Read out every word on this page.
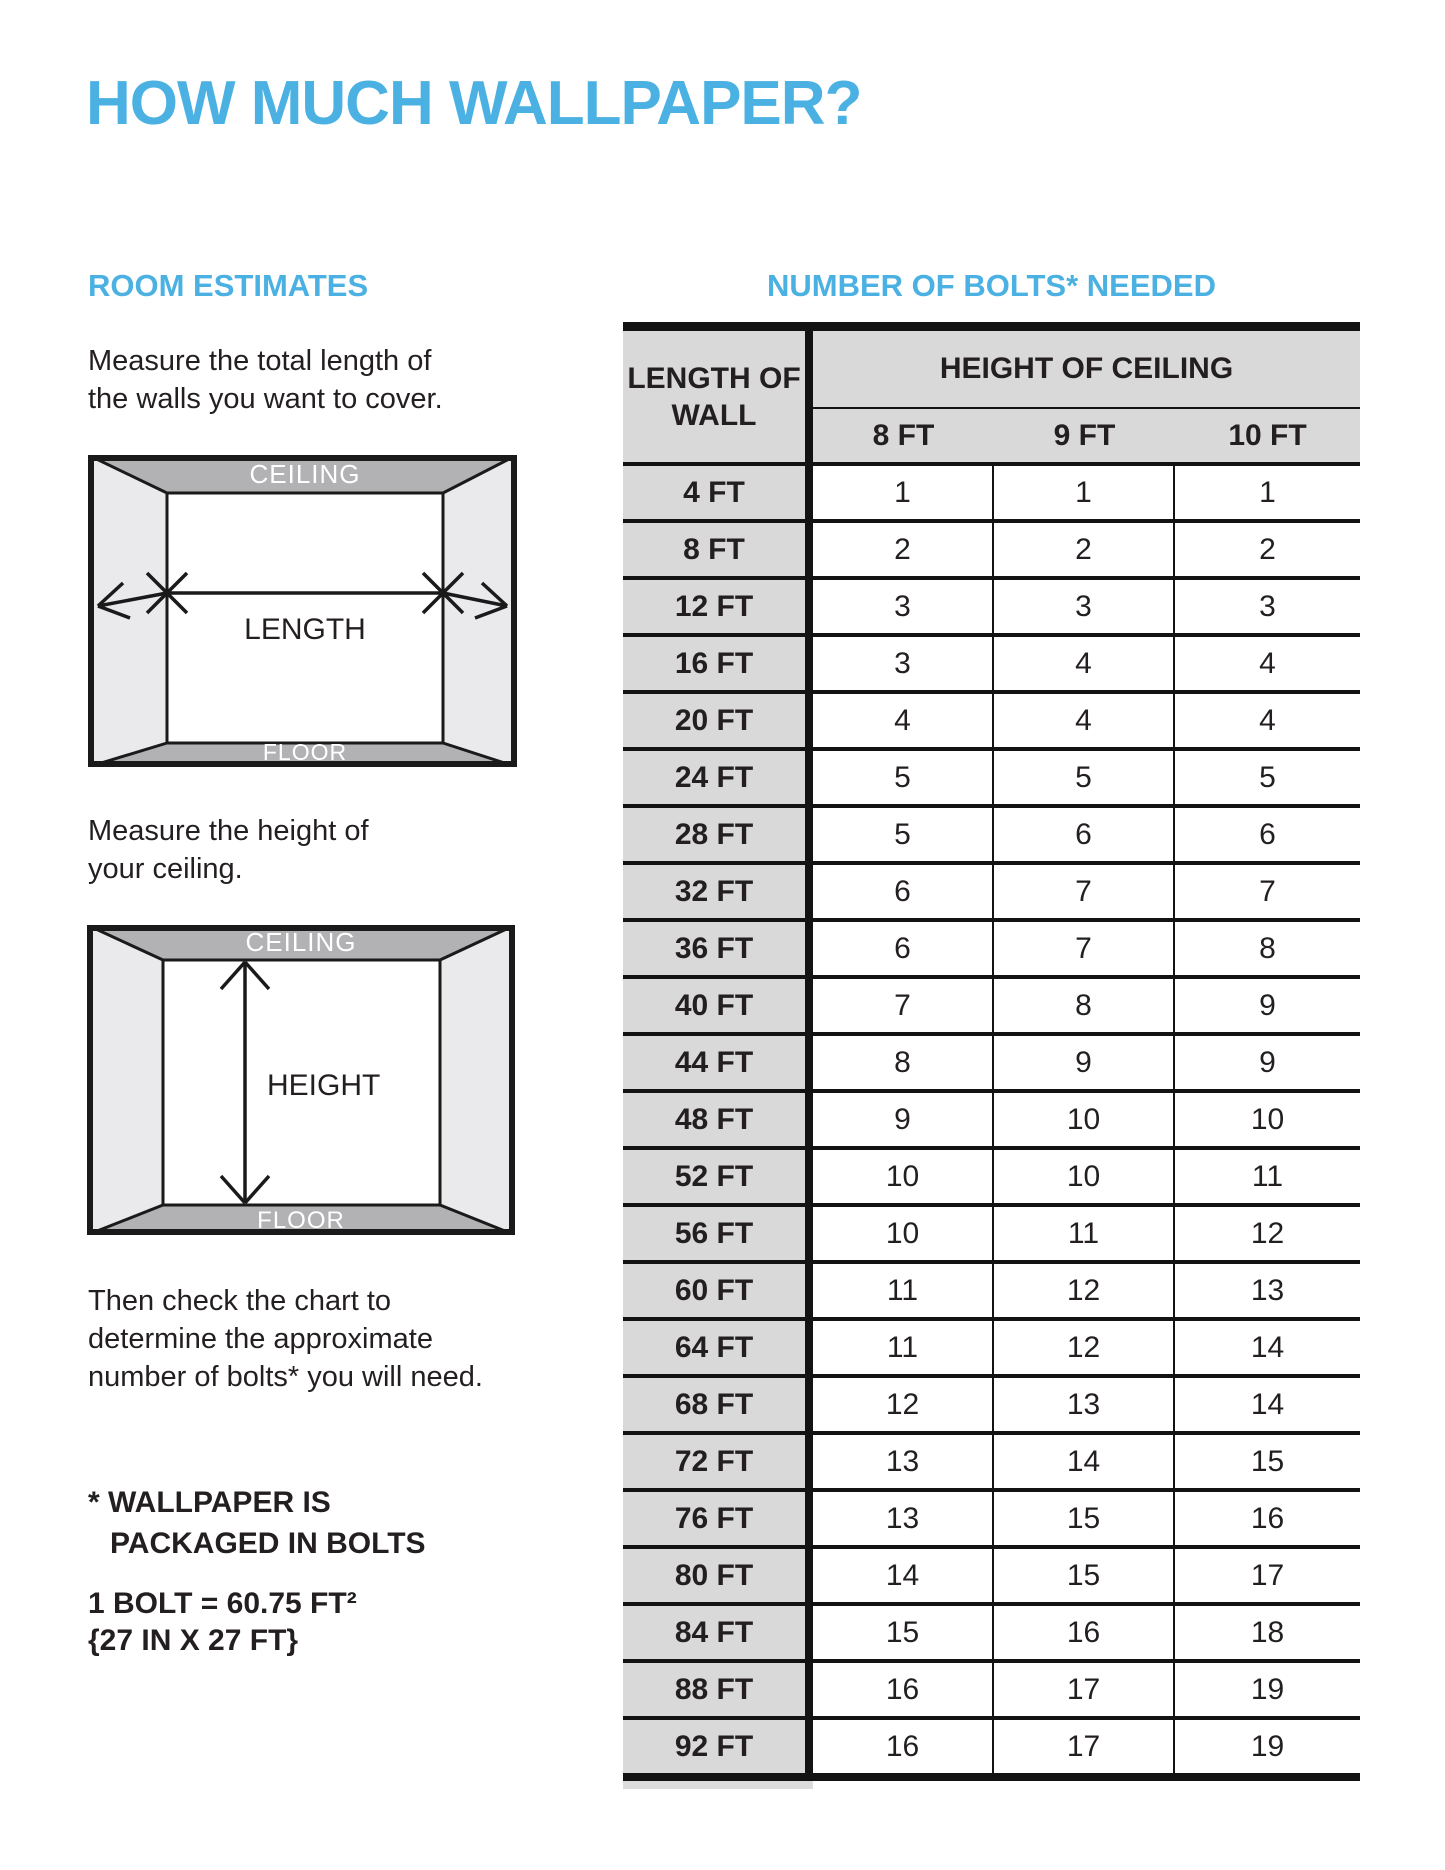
HOW MUCH WALLPAPER?
ROOM ESTIMATES	NUMBER OF BOLTS* NEEDED
Measure the total length of
the walls you want to cover.
CEILING
FLOOR
LENGTH
Measure the height of
your ceiling.
CEILING
FLOOR
HEIGHT
Then check the chart to
determine the approximate
number of bolts* you will need.
* WALLPAPER IS
PACKAGED IN BOLTS
1 BOLT = 60.75 FT²
{27 IN X 27 FT}
LENGTH OF WALL
HEIGHT OF CEILING
8 FT	9 FT	10 FT
4 FT	1	1	1
8 FT	2	2	2
12 FT	3	3	3
16 FT	3	4	4
20 FT	4	4	4
24 FT	5	5	5
28 FT	5	6	6
32 FT	6	7	7
36 FT	6	7	8
40 FT	7	8	9
44 FT	8	9	9
48 FT	9	10	10
52 FT	10	10	11
56 FT	10	11	12
60 FT	11	12	13
64 FT	11	12	14
68 FT	12	13	14
72 FT	13	14	15
76 FT	13	15	16
80 FT	14	15	17
84 FT	15	16	18
88 FT	16	17	19
92 FT	16	17	19
